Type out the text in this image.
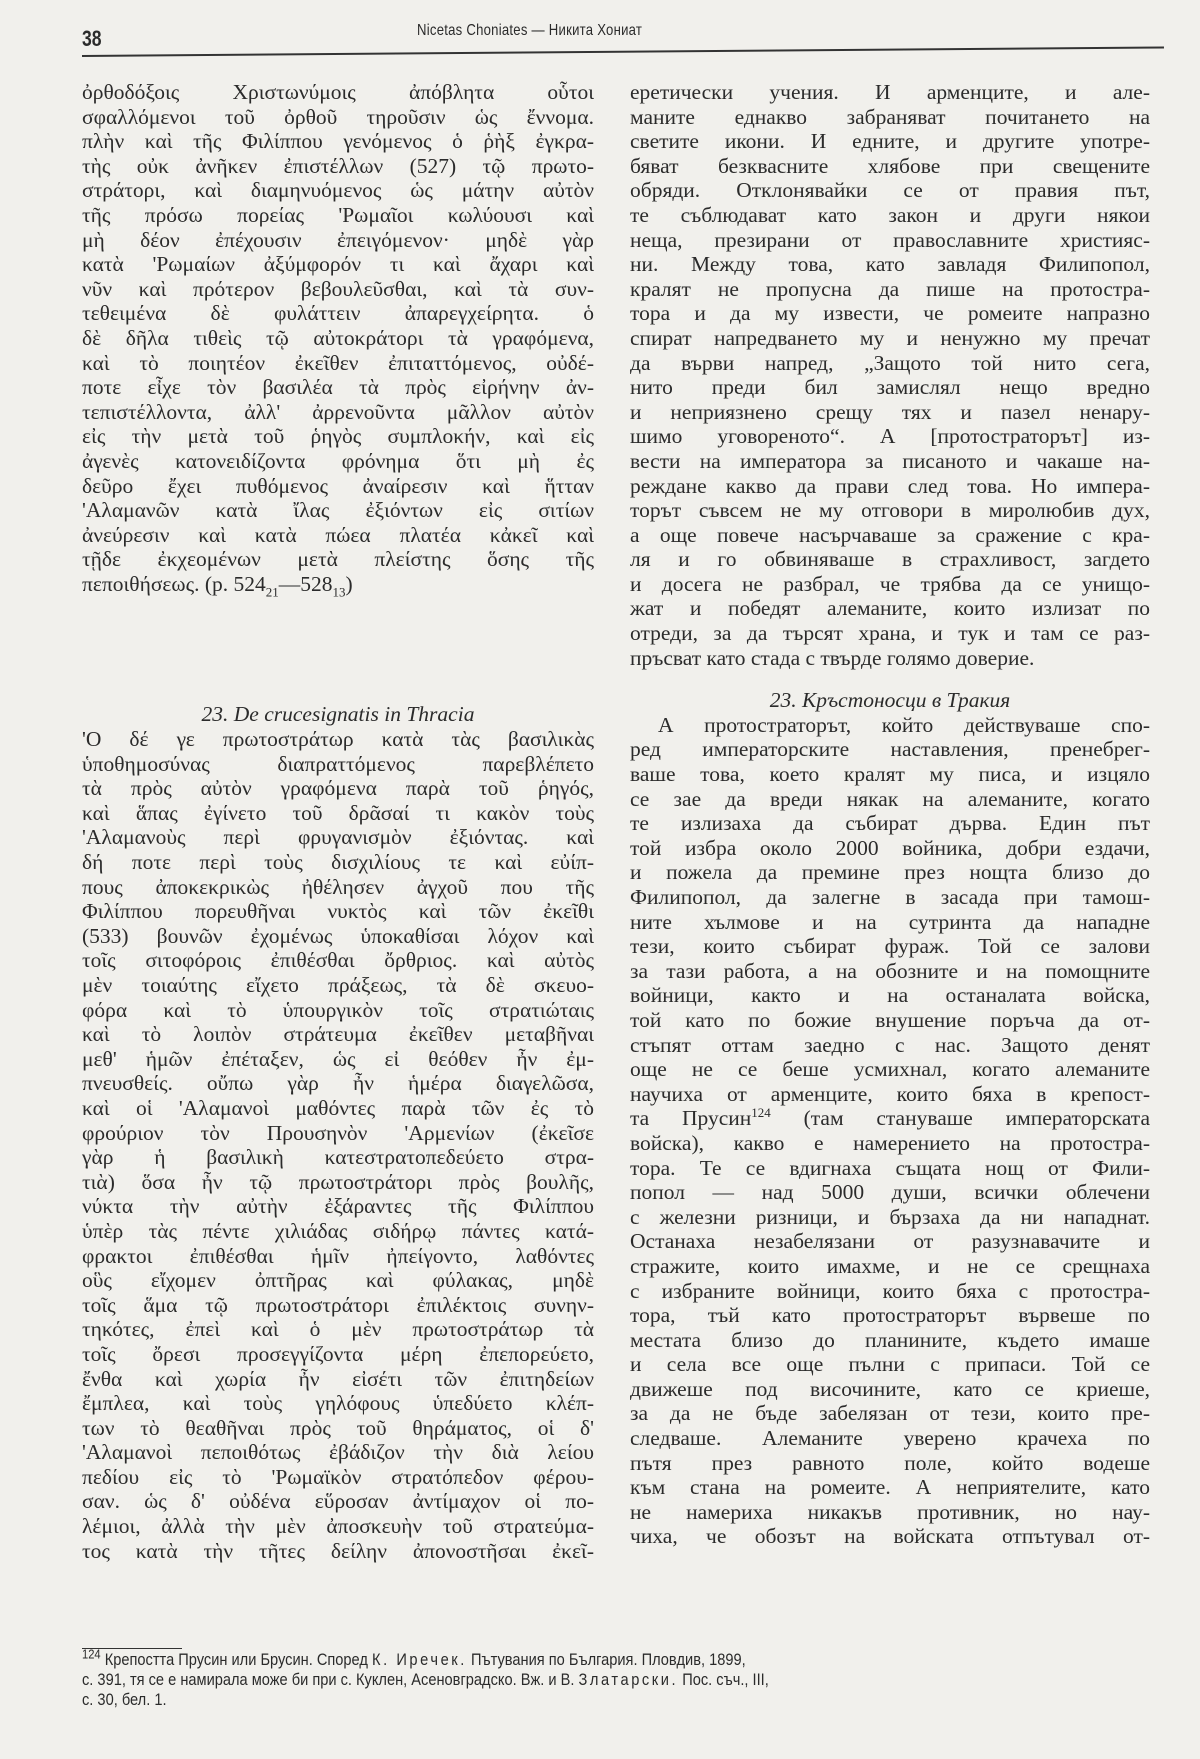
38	Nicetas Choniates — Никита Хониат
ὀρθοδόξοις Χριστωνύμοις ἀπόβλητα οὗτοι
σφαλλόμενοι τοῦ ὀρθοῦ τηροῦσιν ὡς ἔννομα.
πλὴν καὶ τῆς Φιλίππου γενόμενος ὁ ῥὴξ ἐγκρα-
τὴς οὐκ ἀνῆκεν ἐπιστέλλων (527) τῷ πρωτο-
στράτορι, καὶ διαμηνυόμενος ὡς μάτην αὐτὸν
τῆς πρόσω πορείας 'Ρωμαῖοι κωλύουσι καὶ
μὴ δέον ἐπέχουσιν ἐπειγόμενον· μηδὲ γὰρ
κατὰ 'Ρωμαίων ἀξύμφορόν τι καὶ ἄχαρι καὶ
νῦν καὶ πρότερον βεβουλεῦσθαι, καὶ τὰ συν-
τεθειμένα δὲ φυλάττειν ἀπαρεγχείρητα. ὁ
δὲ δῆλα τιθεὶς τῷ αὐτοκράτορι τὰ γραφόμενα,
καὶ τὸ ποιητέον ἐκεῖθεν ἐπιταττόμενος, οὐδέ-
ποτε εἶχε τὸν βασιλέα τὰ πρὸς εἰρήνην ἀν-
τεπιστέλλοντα, ἀλλ' ἀρρενοῦντα μᾶλλον αὐτὸν
εἰς τὴν μετὰ τοῦ ῥηγὸς συμπλοκήν, καὶ εἰς
ἀγενὲς κατονειδίζοντα φρόνημα ὅτι μὴ ἐς
δεῦρο ἔχει πυθόμενος ἀναίρεσιν καὶ ἥτταν
'Αλαμανῶν κατὰ ἴλας ἐξιόντων εἰς σιτίων
ἀνεύρεσιν καὶ κατὰ πώεα πλατέα κἀκεῖ καὶ
τῇδε ἐκχεομένων μετὰ πλείστης ὅσης τῆς
πεποιθήσεως. (p. $524_{21}—528_{13}$)
23. De crucesignatis in Thracia
'Ο δέ γε πρωτοστράτωρ κατὰ τὰς βασιλικὰς
ὑποθημοσύνας διαπραττόμενος παρεβλέπετο
τὰ πρὸς αὐτὸν γραφόμενα παρὰ τοῦ ῥηγός,
καὶ ἅπας ἐγίνετο τοῦ δρᾶσαί τι κακὸν τοὺς
'Αλαμανοὺς περὶ φρυγανισμὸν ἐξιόντας. καὶ
δή ποτε περὶ τοὺς δισχιλίους τε καὶ εὐίπ-
πους ἀποκεκρικὼς ἠθέλησεν ἀγχοῦ που τῆς
Φιλίππου πορευθῆναι νυκτὸς καὶ τῶν ἐκεῖθι
(533) βουνῶν ἐχομένως ὑποκαθίσαι λόχον καὶ
τοῖς σιτοφόροις ἐπιθέσθαι ὄρθριος. καὶ αὐτὸς
μὲν τοιαύτης εἴχετο πράξεως, τὰ δὲ σκευο-
φόρα καὶ τὸ ὑπουργικὸν τοῖς στρατιώταις
καὶ τὸ λοιπὸν στράτευμα ἐκεῖθεν μεταβῆναι
μεθ' ἡμῶν ἐπέταξεν, ὡς εἰ θεόθεν ἦν ἐμ-
πνευσθείς. οὔπω γὰρ ἦν ἡμέρα διαγελῶσα,
καὶ οἱ 'Αλαμανοὶ μαθόντες παρὰ τῶν ἐς τὸ
φρούριον τὸν Προυσηνὸν 'Αρμενίων (ἐκεῖσε
γὰρ ἡ βασιλικὴ κατεστρατοπεδεύετο στρα-
τιὰ) ὅσα ἦν τῷ πρωτοστράτορι πρὸς βουλῆς,
νύκτα τὴν αὐτὴν ἐξάραντες τῆς Φιλίππου
ὑπὲρ τὰς πέντε χιλιάδας σιδήρῳ πάντες κατά-
φρακτοι ἐπιθέσθαι ἡμῖν ἠπείγοντο, λαθόντες
οὓς εἴχομεν ὀπτῆρας καὶ φύλακας, μηδὲ
τοῖς ἅμα τῷ πρωτοστράτορι ἐπιλέκτοις συνην-
τηκότες, ἐπεὶ καὶ ὁ μὲν πρωτοστράτωρ τὰ
τοῖς ὄρεσι προσεγγίζοντα μέρη ἐπεπορεύετο,
ἔνθα καὶ χωρία ἦν εἰσέτι τῶν ἐπιτηδείων
ἔμπλεα, καὶ τοὺς γηλόφους ὑπεδύετο κλέπ-
των τὸ θεαθῆναι πρὸς τοῦ θηράματος, οἱ δ'
'Αλαμανοὶ πεποιθότως ἐβάδιζον τὴν διὰ λείου
πεδίου εἰς τὸ 'Ρωμαϊκὸν στρατόπεδον φέρου-
σαν. ὡς δ' οὐδένα εὕροσαν ἀντίμαχον οἱ πο-
λέμιοι, ἀλλὰ τὴν μὲν ἀποσκευὴν τοῦ στρατεύμα-
τος κατὰ τὴν τῆτες δείλην ἀπονοστῆσαι ἐκεῖ-
еретически учения. И арменците, и але-
маните еднакво забраняват почитането на
светите икони. И едните, и другите употре-
бяват безквасните хлябове при свещените
обряди. Отклонявайки се от правия път,
те съблюдават като закон и други някои
неща, презирани от православните християс-
ни. Между това, като завладя Филипопол,
кралят не пропусна да пише на протостра-
тора и да му извести, че ромеите напразно
спират напредването му и ненужно му пречат
да върви напред, „Защото той нито сега,
нито преди бил замислял нещо вредно
и неприязнено срещу тях и пазел ненару-
шимо уговореното“. А [протостраторът] из-
вести на императора за писаното и чакаше на-
реждане какво да прави след това. Но импера-
торът съвсем не му отговори в миролюбив дух,
а още повече насърчаваше за сражение с кра-
ля и го обвиняваше в страхливост, загдето
и досега не разбрал, че трябва да се унищо-
жат и победят алеманите, които излизат по
отреди, за да търсят храна, и тук и там се раз-
пръсват като стада с твърде голямо доверие.
23. Кръстоносци в Тракия
А протостраторът, който действуваше спо-
ред императорските наставления, пренебрег-
ваше това, което кралят му писа, и изцяло
се зае да вреди някак на алеманите, когато
те излизаха да събират дърва. Един път
той избра около 2000 войника, добри ездачи,
и пожела да премине през нощта близо до
Филипопол, да залегне в засада при тамош-
ните хълмове и на сутринта да нападне
тези, които събират фураж. Той се залови
за тази работа, а на обозните и на помощните
войници, както и на останалата войска,
той като по божие внушение поръча да от-
стъпят оттам заедно с нас. Защото денят
още не се беше усмихнал, когато алеманите
научиха от арменците, които бяха в крепост-
та Прусин$^{124}$ (там станувашe императорската
войска), какво е намерението на протостра-
тора. Те се вдигнаха същата нощ от Фили-
попол — над 5000 души, всички облечени
с железни ризници, и бързаха да ни нападнат.
Останаха незабелязани от разузнавачите и
стражите, които имахме, и не се срещнаха
с избраните войници, които бяха с протостра-
тора, тъй като протостраторът вървеше по
местата близо до планините, където имаше
и села все още пълни с припаси. Той се
движеше под височините, като се криеше,
за да не бъде забелязан от тези, които пре-
следваше. Алеманите уверено крачеха по
пътя през равното поле, който водеше
към стана на ромеите. А неприятелите, като
не намериха никакъв противник, но нау-
чиха, че обозът на войската отпътувал от-
$^{124}$ Крепостта Прусин или Брусин. Според К. Иречек. Пътувания по България. Пловдив, 1899,
с. 391, тя се е намирала може би при с. Куклен, Асеновградско. Вж. и В. Златарски. Пос. съч., III,
с. 30, бел. 1.
